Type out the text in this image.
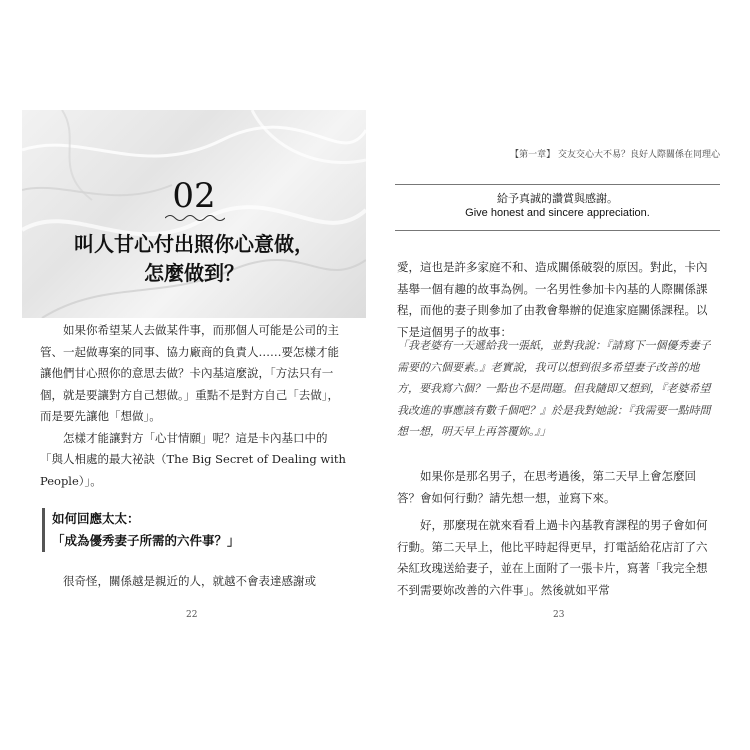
02
叫人甘心付出照你心意做，
怎麼做到？

如果你希望某人去做某件事，而那個人可能是公司的主管、一起做專案的同事、協力廠商的負責人……要怎樣才能讓他們甘心照你的意思去做？卡內基這麼說，「方法只有一個，就是要讓對方自己想做。」重點不是對方自己「去做」，而是要先讓他「想做」。

怎樣才能讓對方「心甘情願」呢？這是卡內基口中的「與人相處的最大祕訣（The Big Secret of Dealing with People）」。

如何回應太太：
「成為優秀妻子所需的六件事？」

很奇怪，關係越是親近的人，就越不會表達感謝或

22
【第一章】 交友交心大不易？良好人際關係在同理心
給予真誠的讚賞與感謝。
Give honest and sincere appreciation.

愛，這也是許多家庭不和、造成關係破裂的原因。對此，卡內基舉一個有趣的故事為例。一名男性參加卡內基的人際關係課程，而他的妻子則參加了由教會舉辦的促進家庭關係課程。以下是這個男子的故事：

「我老婆有一天遞給我一張紙，並對我說：『請寫下一個優秀妻子需要的六個要素。』老實說，我可以想到很多希望妻子改善的地方，要我寫六個？一點也不是問題。但我隨即又想到，『老婆希望我改進的事應該有數千個吧？』於是我對她說：『我需要一點時間想一想，明天早上再答覆妳。』」

如果你是那名男子，在思考過後，第二天早上會怎麼回答？會如何行動？請先想一想，並寫下來。

好，那麼現在就來看看上過卡內基教育課程的男子會如何行動。第二天早上，他比平時起得更早，打電話給花店訂了六朵紅玫瑰送給妻子，並在上面附了一張卡片，寫著「我完全想不到需要妳改善的六件事」。然後就如平常

23
